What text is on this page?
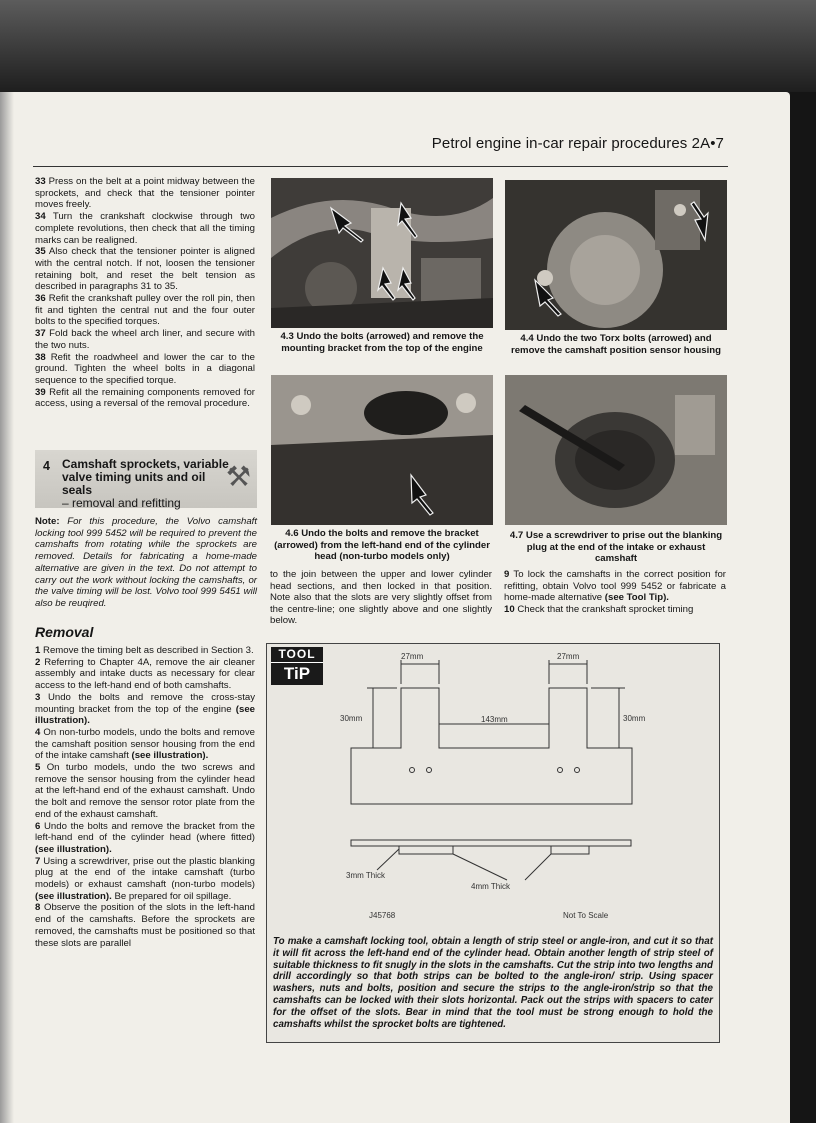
Petrol engine in-car repair procedures 2A•7

33 Press on the belt at a point midway between the sprockets, and check that the tensioner pointer moves freely.

34 Turn the crankshaft clockwise through two complete revolutions, then check that all the timing marks can be realigned.

35 Also check that the tensioner pointer is aligned with the central notch. If not, loosen the tensioner retaining bolt, and reset the belt tension as described in paragraphs 31 to 35.

36 Refit the crankshaft pulley over the roll pin, then fit and tighten the central nut and the four outer bolts to the specified torques.

37 Fold back the wheel arch liner, and secure with the two nuts.

38 Refit the roadwheel and lower the car to the ground. Tighten the wheel bolts in a diagonal sequence to the specified torque.

39 Refit all the remaining components removed for access, using a reversal of the removal procedure.

4 Camshaft sprockets, variable valve timing units and oil seals
– removal and refitting
⚒
Note: For this procedure, the Volvo camshaft locking tool 999 5452 will be required to prevent the camshafts from rotating while the sprockets are removed. Details for fabricating a home-made alternative are given in the text. Do not attempt to carry out the work without locking the camshafts, or the valve timing will be lost. Volvo tool 999 5451 will also be reuqired.
Removal

1 Remove the timing belt as described in Section 3.

2 Referring to Chapter 4A, remove the air cleaner assembly and intake ducts as necessary for clear access to the left-hand end of both camshafts.

3 Undo the bolts and remove the cross-stay mounting bracket from the top of the engine (see illustration).

4 On non-turbo models, undo the bolts and remove the camshaft position sensor housing from the end of the intake camshaft (see illustration).

5 On turbo models, undo the two screws and remove the sensor housing from the cylinder head at the left-hand end of the exhaust camshaft. Undo the bolt and remove the sensor rotor plate from the end of the exhaust camshaft.

6 Undo the bolts and remove the bracket from the left-hand end of the cylinder head (where fitted) (see illustration).

7 Using a screwdriver, prise out the plastic blanking plug at the end of the intake camshaft (turbo models) or exhaust camshaft (non-turbo models) (see illustration). Be prepared for oil spillage.

8 Observe the position of the slots in the left-hand end of the camshafts. Before the sprockets are removed, the camshafts must be positioned so that these slots are parallel

4.3 Undo the bolts (arrowed) and remove the mounting bracket from the top of the engine
4.4 Undo the two Torx bolts (arrowed) and remove the camshaft position sensor housing
4.6 Undo the bolts and remove the bracket (arrowed) from the left-hand end of the cylinder head (non-turbo models only)
4.7 Use a screwdriver to prise out the blanking plug at the end of the intake or exhaust camshaft
to the join between the upper and lower cylinder head sections, and then locked in that position. Note also that the slots are very slightly offset from the centre-line; one slightly above and one slightly below.
9 To lock the camshafts in the correct position for refitting, obtain Volvo tool 999 5452 or fabricate a home-made alternative (see Tool Tip).
10 Check that the crankshaft sprocket timing
TOOL
TiP
27mm	27mm
30mm	30mm
143mm
3mm Thick
4mm Thick
J45768	Not To Scale
To make a camshaft locking tool, obtain a length of strip steel or angle-iron, and cut it so that it will fit across the left-hand end of the cylinder head. Obtain another length of strip steel of suitable thickness to fit snugly in the slots in the camshafts. Cut the strip into two lengths and drill accordingly so that both strips can be bolted to the angle-iron/ strip. Using spacer washers, nuts and bolts, position and secure the strips to the angle-iron/strip so that the camshafts can be locked with their slots horizontal. Pack out the strips with spacers to cater for the offset of the slots. Bear in mind that the tool must be strong enough to hold the camshafts whilst the sprocket bolts are tightened.
